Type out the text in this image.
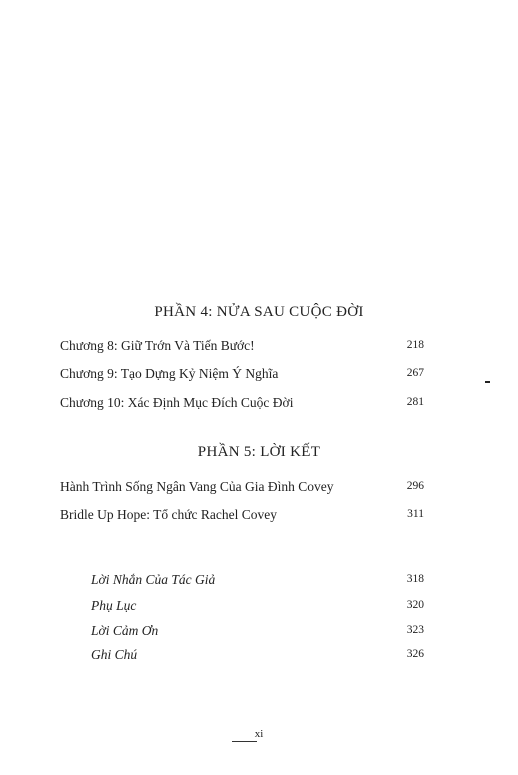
PHẦN 4: NỬA SAU CUỘC ĐỜI
Chương 8: Giữ Trớn Và Tiến Bước!	218
Chương 9: Tạo Dựng Kỷ Niệm Ý Nghĩa	267
Chương 10: Xác Định Mục Đích Cuộc Đời	281
PHẦN 5: LỜI KẾT
Hành Trình Sống Ngân Vang Của Gia Đình Covey	296
Bridle Up Hope: Tổ chức Rachel Covey	311
Lời Nhắn Của Tác Giả	318
Phụ Lục	320
Lời Cảm Ơn	323
Ghi Chú	326
xi
